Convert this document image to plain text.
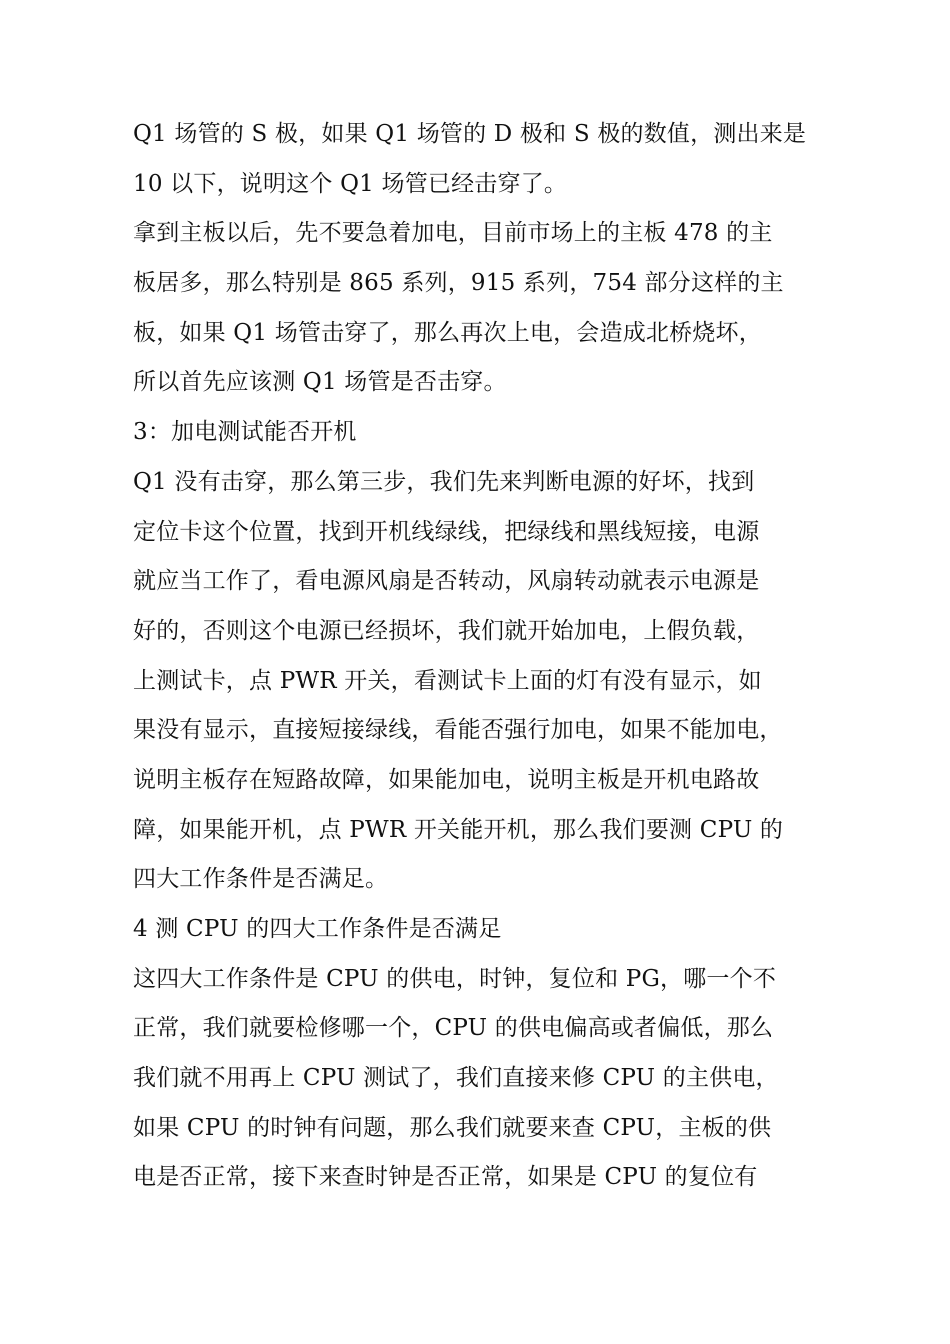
Q1 场管的 S 极，如果 Q1 场管的 D 极和 S 极的数值，测出来是
10 以下，说明这个 Q1 场管已经击穿了。
拿到主板以后，先不要急着加电，目前市场上的主板 478 的主
板居多，那么特别是 865 系列，915 系列，754 部分这样的主
板，如果 Q1 场管击穿了，那么再次上电，会造成北桥烧坏，
所以首先应该测 Q1 场管是否击穿。
3：加电测试能否开机
Q1 没有击穿，那么第三步，我们先来判断电源的好坏，找到
定位卡这个位置，找到开机线绿线，把绿线和黑线短接，电源
就应当工作了，看电源风扇是否转动，风扇转动就表示电源是
好的，否则这个电源已经损坏，我们就开始加电，上假负载，
上测试卡，点 PWR 开关，看测试卡上面的灯有没有显示，如
果没有显示，直接短接绿线，看能否强行加电，如果不能加电，
说明主板存在短路故障，如果能加电，说明主板是开机电路故
障，如果能开机，点 PWR 开关能开机，那么我们要测 CPU 的
四大工作条件是否满足。
4 测 CPU 的四大工作条件是否满足
这四大工作条件是 CPU 的供电，时钟，复位和 PG，哪一个不
正常，我们就要检修哪一个，CPU 的供电偏高或者偏低，那么
我们就不用再上 CPU 测试了，我们直接来修 CPU 的主供电，
如果 CPU 的时钟有问题，那么我们就要来查 CPU，主板的供
电是否正常，接下来查时钟是否正常，如果是 CPU 的复位有
